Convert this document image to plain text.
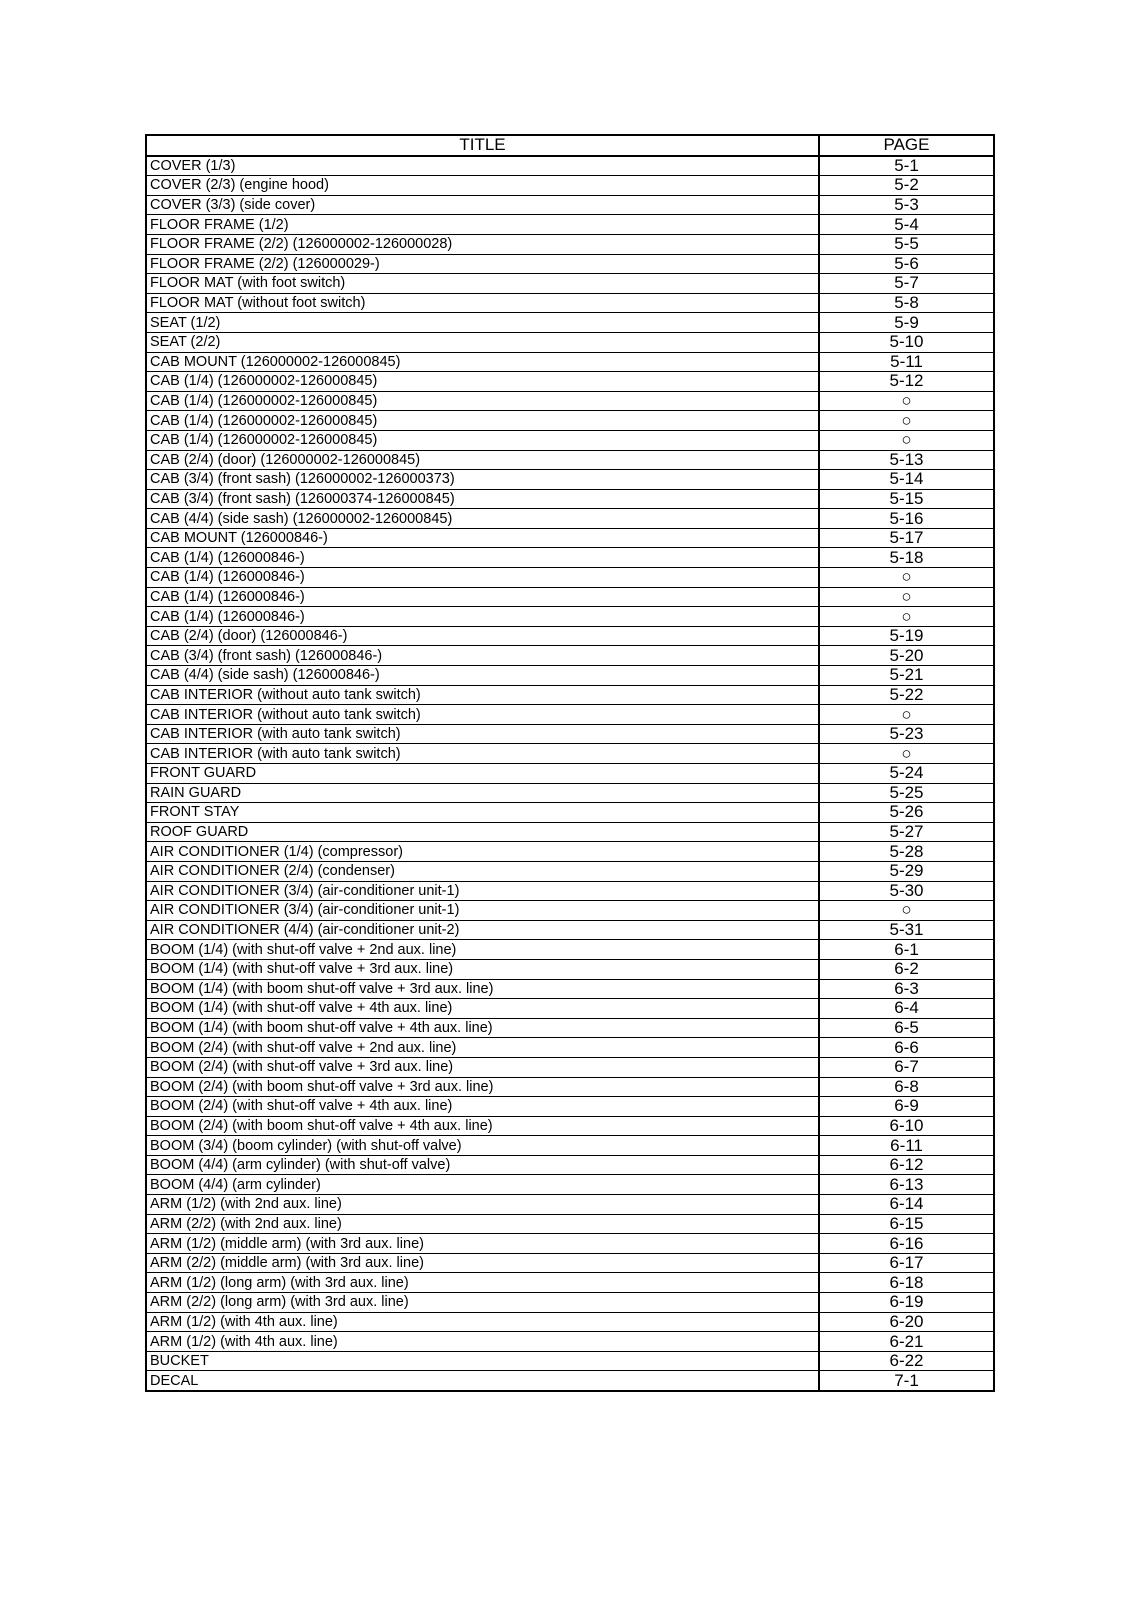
TITLE	PAGE
COVER (1/3)	5-1
COVER (2/3) (engine hood)	5-2
COVER (3/3) (side cover)	5-3
FLOOR FRAME (1/2)	5-4
FLOOR FRAME (2/2) (126000002-126000028)	5-5
FLOOR FRAME (2/2) (126000029-)	5-6
FLOOR MAT (with foot switch)	5-7
FLOOR MAT (without foot switch)	5-8
SEAT (1/2)	5-9
SEAT (2/2)	5-10
CAB MOUNT (126000002-126000845)	5-11
CAB (1/4) (126000002-126000845)	5-12
CAB (1/4) (126000002-126000845)	○
CAB (1/4) (126000002-126000845)	○
CAB (1/4) (126000002-126000845)	○
CAB (2/4) (door) (126000002-126000845)	5-13
CAB (3/4) (front sash) (126000002-126000373)	5-14
CAB (3/4) (front sash) (126000374-126000845)	5-15
CAB (4/4) (side sash) (126000002-126000845)	5-16
CAB MOUNT (126000846-)	5-17
CAB (1/4) (126000846-)	5-18
CAB (1/4) (126000846-)	○
CAB (1/4) (126000846-)	○
CAB (1/4) (126000846-)	○
CAB (2/4) (door) (126000846-)	5-19
CAB (3/4) (front sash) (126000846-)	5-20
CAB (4/4) (side sash) (126000846-)	5-21
CAB INTERIOR (without auto tank switch)	5-22
CAB INTERIOR (without auto tank switch)	○
CAB INTERIOR (with auto tank switch)	5-23
CAB INTERIOR (with auto tank switch)	○
FRONT GUARD	5-24
RAIN GUARD	5-25
FRONT STAY	5-26
ROOF GUARD	5-27
AIR CONDITIONER (1/4) (compressor)	5-28
AIR CONDITIONER (2/4) (condenser)	5-29
AIR CONDITIONER (3/4) (air-conditioner unit-1)	5-30
AIR CONDITIONER (3/4) (air-conditioner unit-1)	○
AIR CONDITIONER (4/4) (air-conditioner unit-2)	5-31
BOOM (1/4) (with shut-off valve + 2nd aux. line)	6-1
BOOM (1/4) (with shut-off valve + 3rd aux. line)	6-2
BOOM (1/4) (with boom shut-off valve + 3rd aux. line)	6-3
BOOM (1/4) (with shut-off valve + 4th aux. line)	6-4
BOOM (1/4) (with boom shut-off valve + 4th aux. line)	6-5
BOOM (2/4) (with shut-off valve + 2nd aux. line)	6-6
BOOM (2/4) (with shut-off valve + 3rd aux. line)	6-7
BOOM (2/4) (with boom shut-off valve + 3rd aux. line)	6-8
BOOM (2/4) (with shut-off valve + 4th aux. line)	6-9
BOOM (2/4) (with boom shut-off valve + 4th aux. line)	6-10
BOOM (3/4) (boom cylinder) (with shut-off valve)	6-11
BOOM (4/4) (arm cylinder) (with shut-off valve)	6-12
BOOM (4/4) (arm cylinder)	6-13
ARM (1/2) (with 2nd aux. line)	6-14
ARM (2/2) (with 2nd aux. line)	6-15
ARM (1/2) (middle arm) (with 3rd aux. line)	6-16
ARM (2/2) (middle arm) (with 3rd aux. line)	6-17
ARM (1/2) (long arm) (with 3rd aux. line)	6-18
ARM (2/2) (long arm) (with 3rd aux. line)	6-19
ARM (1/2) (with 4th aux. line)	6-20
ARM (1/2) (with 4th aux. line)	6-21
BUCKET	6-22
DECAL	7-1
